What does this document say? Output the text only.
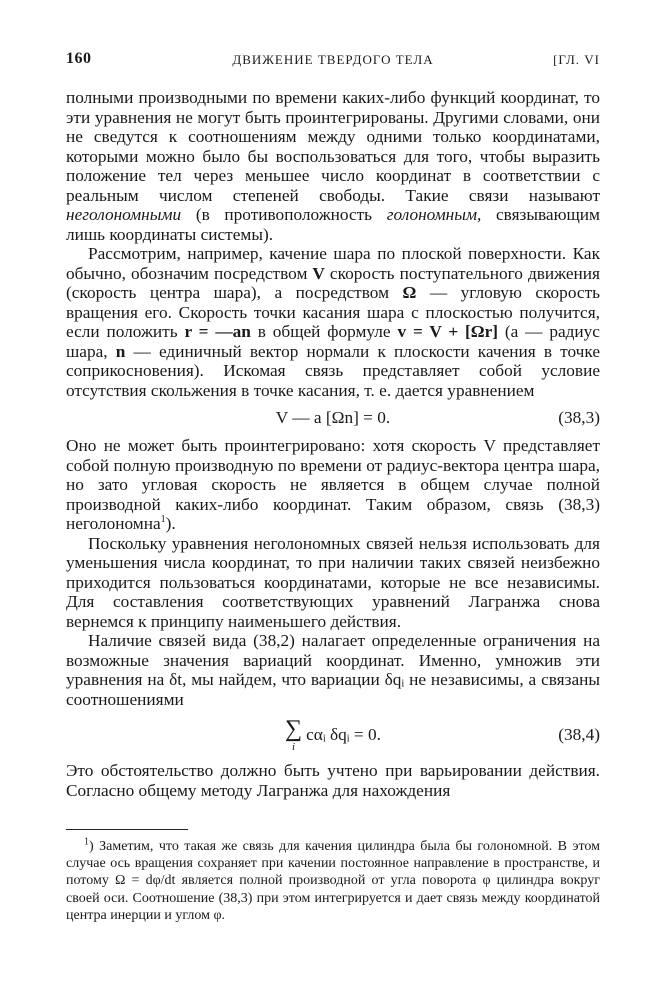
160	ДВИЖЕНИЕ ТВЕРДОГО ТЕЛА	[ГЛ. VI

полными производными по времени каких-либо функций координат, то эти уравнения не могут быть проинтегрированы. Другими словами, они не сведутся к соотношениям между одними только координатами, которыми можно было бы воспользоваться для того, чтобы выразить положение тел через меньшее число координат в соответствии с реальным числом степеней свободы. Такие связи называют неголономными (в противоположность голономным, связывающим лишь координаты системы).

Рассмотрим, например, качение шара по плоской поверхности. Как обычно, обозначим посредством V скорость поступательного движения (скорость центра шара), а посредством Ω — угловую скорость вращения его. Скорость точки касания шара с плоскостью получится, если положить r = —an в общей формуле v = V + [Ωr] (a — радиус шара, n — единичный вектор нормали к плоскости качения в точке соприкосновения). Искомая связь представляет собой условие отсутствия скольжения в точке касания, т. е. дается уравнением

V — a [Ωn] = 0.	(38,3)

Оно не может быть проинтегрировано: хотя скорость V представляет собой полную производную по времени от радиус-вектора центра шара, но зато угловая скорость не является в общем случае полной производной каких-либо координат. Таким образом, связь (38,3) неголономна$^1$).

Поскольку уравнения неголономных связей нельзя использовать для уменьшения числа координат, то при наличии таких связей неизбежно приходится пользоваться координатами, которые не все независимы. Для составления соответствующих уравнений Лагранжа снова вернемся к принципу наименьшего действия.

Наличие связей вида (38,2) налагает определенные ограничения на возможные значения вариаций координат. Именно, умножив эти уравнения на δt, мы найдем, что вариации δqᵢ не независимы, а связаны соотношениями

∑
i
cαᵢ δqᵢ = 0.	(38,4)

Это обстоятельство должно быть учтено при варьировании действия. Согласно общему методу Лагранжа для нахождения

$^1$) Заметим, что такая же связь для качения цилиндра была бы голономной. В этом случае ось вращения сохраняет при качении постоянное направление в пространстве, и потому Ω = dφ/dt является полной производной от угла поворота φ цилиндра вокруг своей оси. Соотношение (38,3) при этом интегрируется и дает связь между координатой центра инерции и углом φ.
